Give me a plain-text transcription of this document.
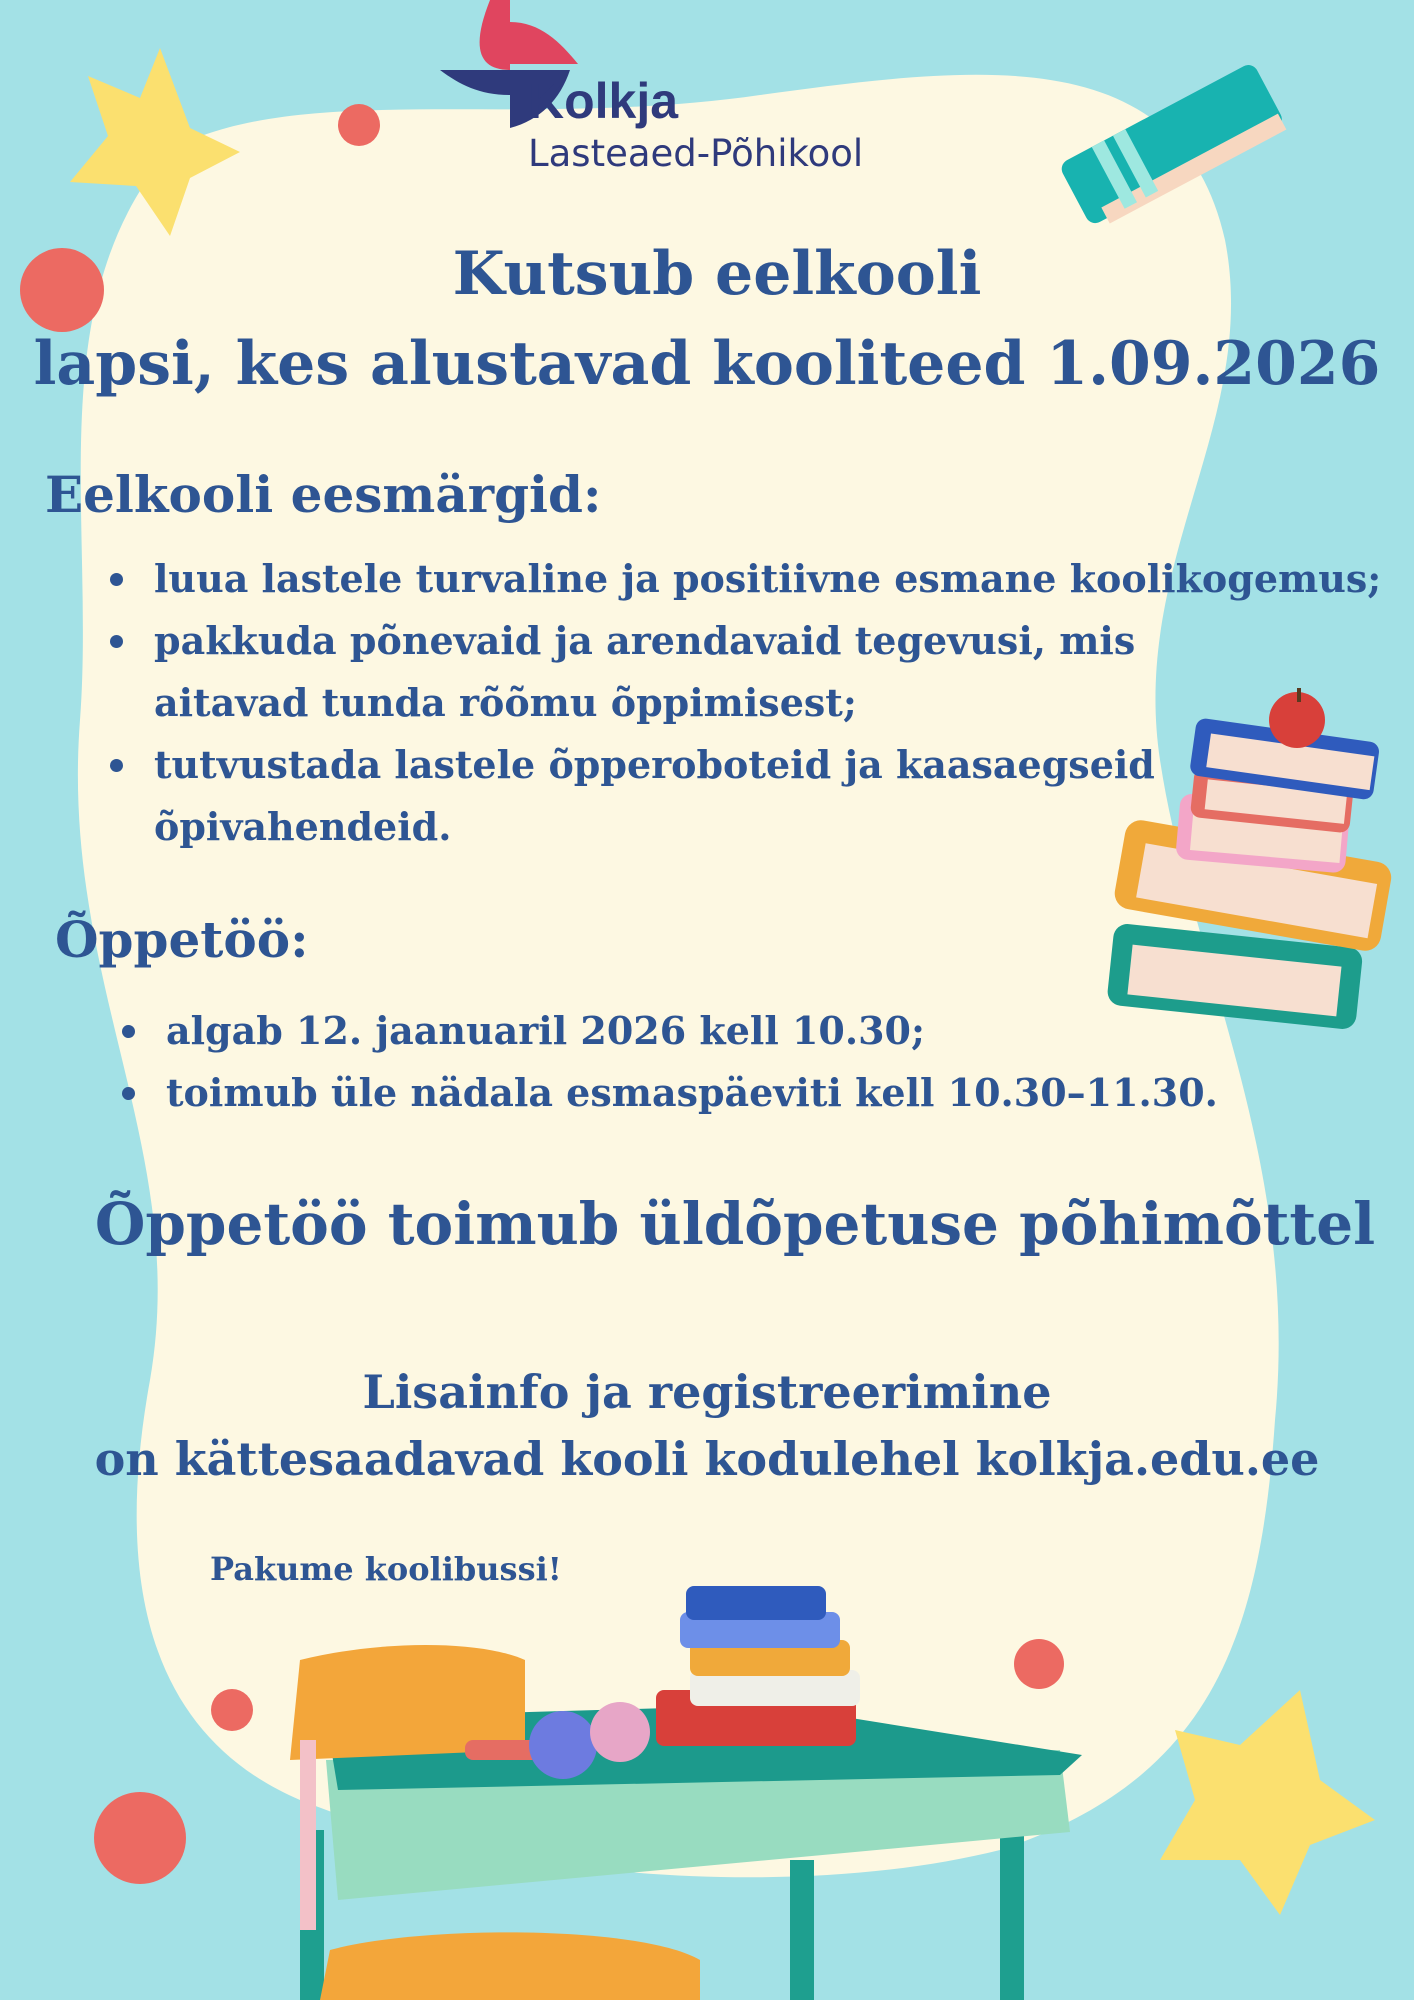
Kolkja

Lasteaed-Põhikool

Kutsub eelkooli

lapsi, kes alustavad kooliteed 1.09.2026

Eelkooli eesmärgid:

luua lastele turvaline ja positiivne esmane koolikogemus;
pakkuda põnevaid ja arendavaid tegevusi, mis aitavad tunda rõõmu õppimisest;
tutvustada lastele õpperoboteid ja kaasaegseid õpivahendeid.

Õppetöö:

algab 12. jaanuaril 2026 kell 10.30;
toimub üle nädala esmaspäeviti kell 10.30–11.30.

Õppetöö toimub üldõpetuse põhimõttel

Lisainfo ja registreerimine

on kättesaadavad kooli kodulehel kolkja.edu.ee

Pakume koolibussi!
